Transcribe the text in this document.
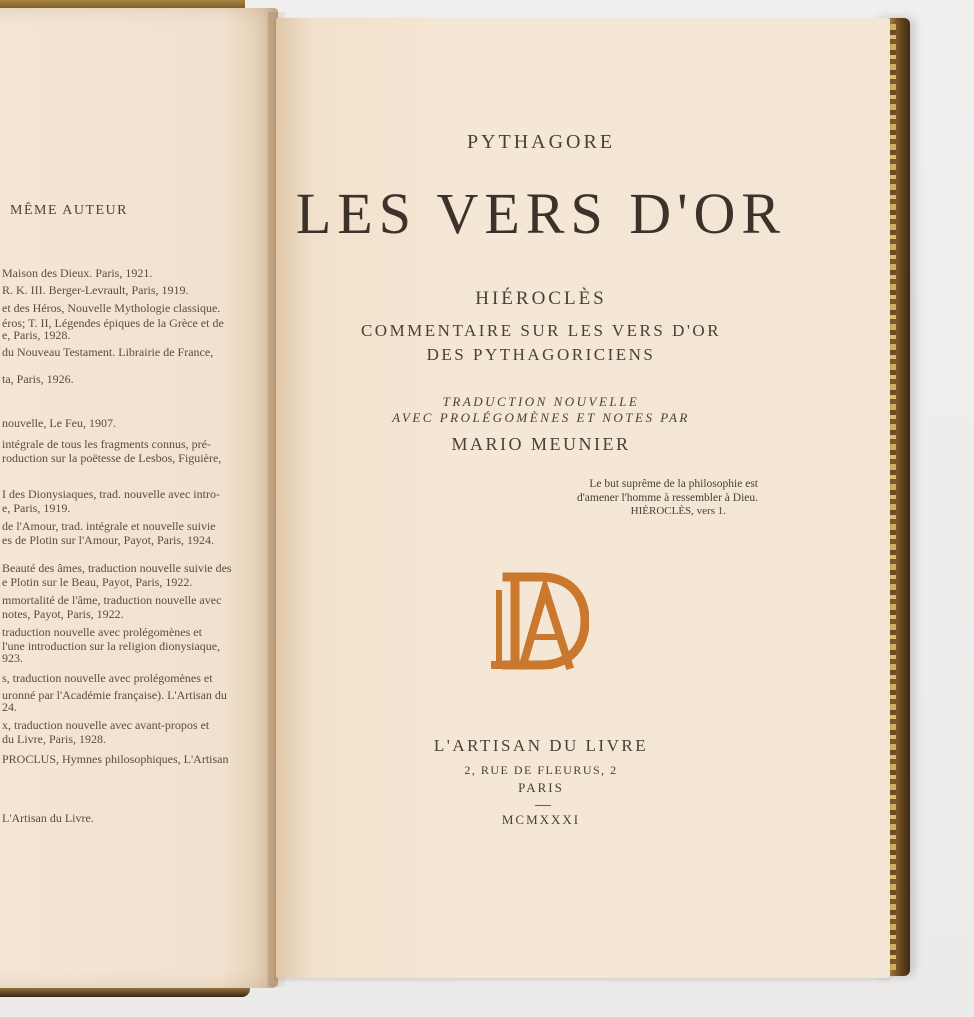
MÊME AUTEUR
Maison des Dieux. Paris, 1921.
R. K. III. Berger-Levrault, Paris, 1919.
et des Héros, Nouvelle Mythologie classique.
éros; T. II, Légendes épiques de la Grèce et de
e, Paris, 1928.
du Nouveau Testament. Librairie de France,
ta, Paris, 1926.
nouvelle, Le Feu, 1907.
intégrale de tous les fragments connus, pré-
roduction sur la poëtesse de Lesbos, Figuière,
I des Dionysiaques, trad. nouvelle avec intro-
e, Paris, 1919.
de l'Amour, trad. intégrale et nouvelle suivie
es de Plotin sur l'Amour, Payot, Paris, 1924.
Beauté des âmes, traduction nouvelle suivie des
e Plotin sur le Beau, Payot, Paris, 1922.
mmortalité de l'âme, traduction nouvelle avec
notes, Payot, Paris, 1922.
traduction nouvelle avec prolégomènes et
l'une introduction sur la religion dionysiaque,
923.
s, traduction nouvelle avec prolégomènes et
uronné par l'Académie française). L'Artisan du
24.
x, traduction nouvelle avec avant-propos et
du Livre, Paris, 1928.
PROCLUS, Hymnes philosophiques, L'Artisan
L'Artisan du Livre.
PYTHAGORE
LES VERS D'OR
HIÉROCLÈS
COMMENTAIRE SUR LES VERS D'OR
DES PYTHAGORICIENS
TRADUCTION NOUVELLE
AVEC PROLÉGOMÈNES ET NOTES PAR
MARIO MEUNIER
L'ARTISAN DU LIVRE
2, RUE DE FLEURUS, 2
PARIS
MCMXXXI
Le but suprême de la philosophie est
d'amener l'homme à ressembler à Dieu.
HIÉROCLÈS, vers 1.
